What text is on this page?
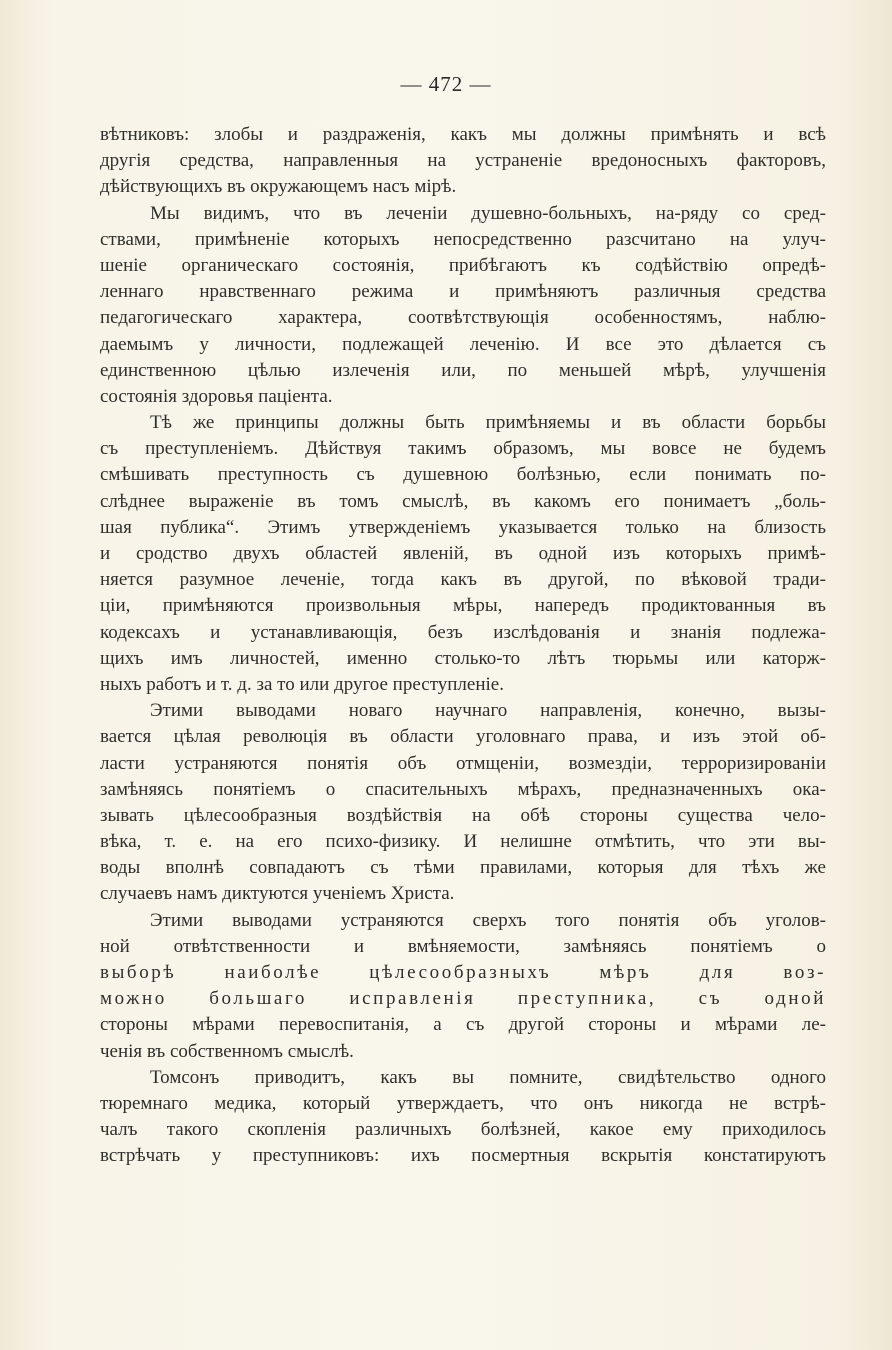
— 472 —

вѣтниковъ: злобы и раздраженія, какъ мы должны примѣнять и всѣ
другія средства, направленныя на устраненіе вредоносныхъ факторовъ,
дѣйствующихъ въ окружающемъ насъ мірѣ.

Мы видимъ, что въ леченіи душевно-больныхъ, на-ряду со сред-
ствами, примѣненіе которыхъ непосредственно разсчитано на улуч-
шеніе органическаго состоянія, прибѣгаютъ къ содѣйствію опредѣ-
леннаго нравственнаго режима и примѣняютъ различныя средства
педагогическаго характера, соотвѣтствующія особенностямъ, наблю-
даемымъ у личности, подлежащей леченію. И все это дѣлается съ
единственною цѣлью излеченія или, по меньшей мѣрѣ, улучшенія
состоянія здоровья паціента.

Тѣ же принципы должны быть примѣняемы и въ области борьбы
съ преступленіемъ. Дѣйствуя такимъ образомъ, мы вовсе не будемъ
смѣшивать преступность съ душевною болѣзнью, если понимать по-
слѣднее выраженіе въ томъ смыслѣ, въ какомъ его понимаетъ „боль-
шая публика“. Этимъ утвержденіемъ указывается только на близость
и сродство двухъ областей явленій, въ одной изъ которыхъ примѣ-
няется разумное леченіе, тогда какъ въ другой, по вѣковой тради-
ціи, примѣняются произвольныя мѣры, напередъ продиктованныя въ
кодексахъ и устанавливающія, безъ изслѣдованія и знанія подлежа-
щихъ имъ личностей, именно столько-то лѣтъ тюрьмы или каторж-
ныхъ работъ и т. д. за то или другое преступленіе.

Этими выводами новаго научнаго направленія, конечно, вызы-
вается цѣлая революція въ области уголовнаго права, и изъ этой об-
ласти устраняются понятія объ отмщеніи, возмездіи, терроризированіи
замѣняясь понятіемъ о спасительныхъ мѣрахъ, предназначенныхъ ока-
зывать цѣлесообразныя воздѣйствія на обѣ стороны существа чело-
вѣка, т. е. на его психо-физику. И нелишне отмѣтить, что эти вы-
воды вполнѣ совпадаютъ съ тѣми правилами, которыя для тѣхъ же
случаевъ намъ диктуются ученіемъ Христа.

Этими выводами устраняются сверхъ того понятія объ уголов-
ной отвѣтственности и вмѣняемости, замѣняясь понятіемъ о
выборѣ наиболѣе цѣлесообразныхъ мѣръ для воз-
можно большаго исправленія преступника, съ одной
стороны мѣрами перевоспитанія, а съ другой стороны и мѣрами ле-
ченія въ собственномъ смыслѣ.

Томсонъ приводитъ, какъ вы помните, свидѣтельство одного
тюремнаго медика, который утверждаетъ, что онъ никогда не встрѣ-
чалъ такого скопленія различныхъ болѣзней, какое ему приходилось
встрѣчать у преступниковъ: ихъ посмертныя вскрытія констатируютъ
